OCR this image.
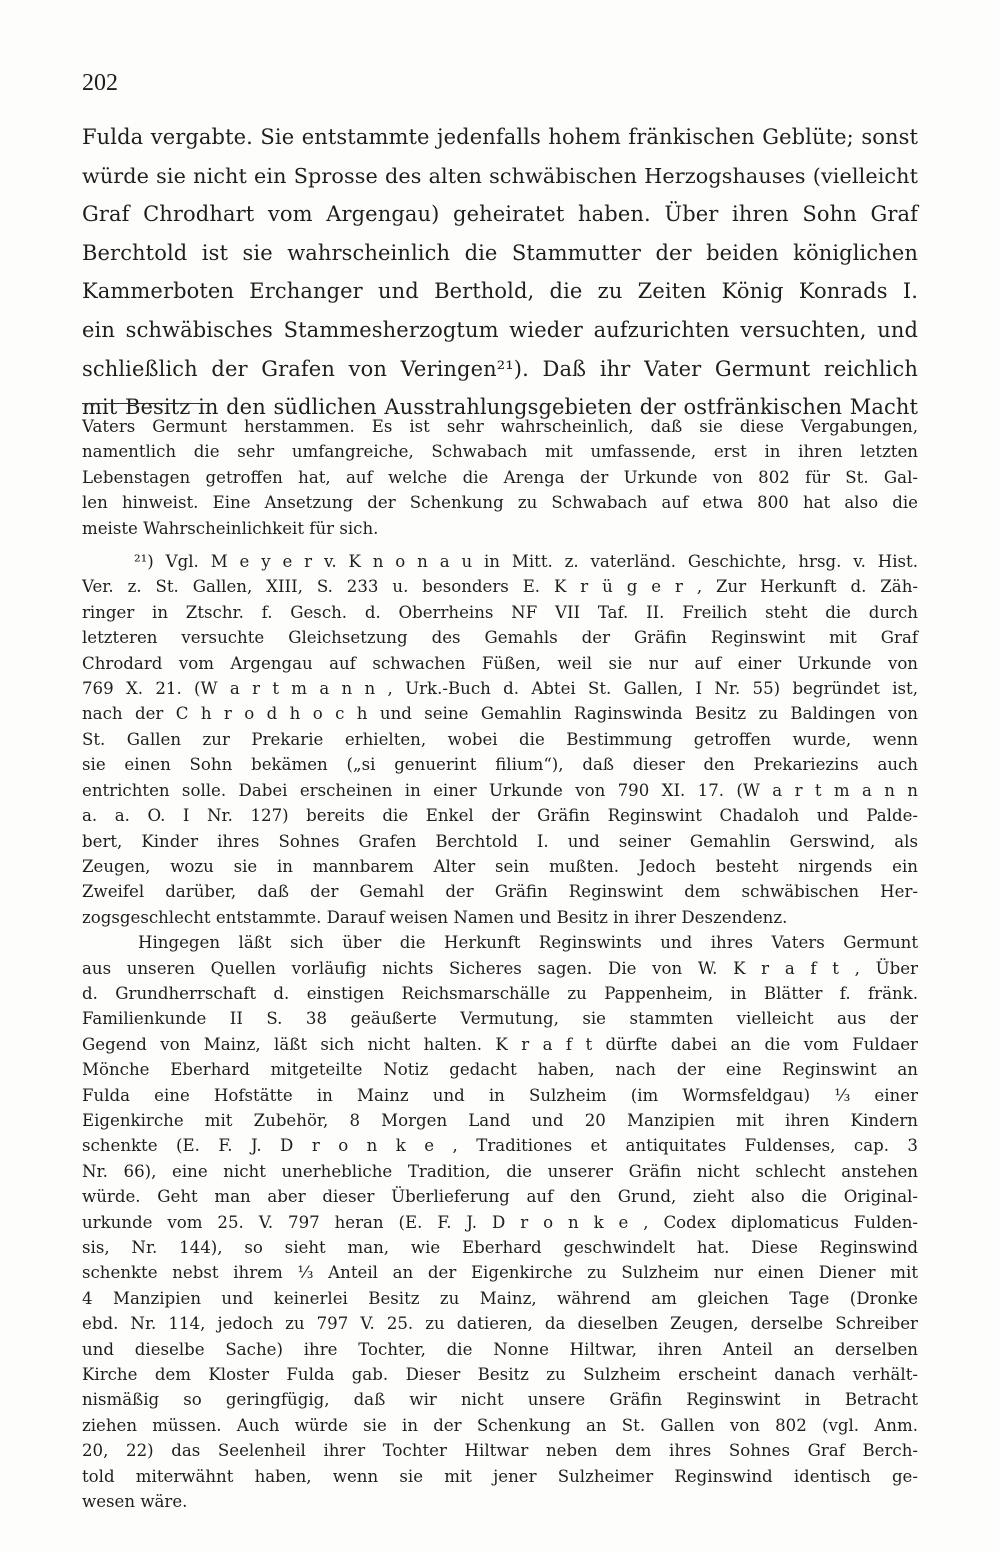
202
Fulda vergabte. Sie entstammte jedenfalls hohem fränkischen Geblüte; sonst
würde sie nicht ein Sprosse des alten schwäbischen Herzogshauses (vielleicht
Graf Chrodhart vom Argengau) geheiratet haben. Über ihren Sohn Graf
Berchtold ist sie wahrscheinlich die Stammutter der beiden königlichen
Kammerboten Erchanger und Berthold, die zu Zeiten König Konrads I.
ein schwäbisches Stammesherzogtum wieder aufzurichten versuchten, und
schließlich der Grafen von Veringen²¹). Daß ihr Vater Germunt reichlich
mit Besitz in den südlichen Ausstrahlungsgebieten der ostfränkischen Macht
Vaters Germunt herstammen. Es ist sehr wahrscheinlich, daß sie diese Vergabungen,
namentlich die sehr umfangreiche, Schwabach mit umfassende, erst in ihren letzten
Lebenstagen getroffen hat, auf welche die Arenga der Urkunde von 802 für St. Gal-
len hinweist. Eine Ansetzung der Schenkung zu Schwabach auf etwa 800 hat also die
meiste Wahrscheinlichkeit für sich.
²¹) Vgl. M e y e r v. K n o n a u in Mitt. z. vaterländ. Geschichte, hrsg. v. Hist.
Ver. z. St. Gallen, XIII, S. 233 u. besonders E. K r ü g e r , Zur Herkunft d. Zäh-
ringer in Ztschr. f. Gesch. d. Oberrheins NF VII Taf. II. Freilich steht die durch
letzteren versuchte Gleichsetzung des Gemahls der Gräfin Reginswint mit Graf
Chrodard vom Argengau auf schwachen Füßen, weil sie nur auf einer Urkunde von
769 X. 21. (W a r t m a n n , Urk.-Buch d. Abtei St. Gallen, I Nr. 55) begründet ist,
nach der C h r o d h o c h und seine Gemahlin Raginswinda Besitz zu Baldingen von
St. Gallen zur Prekarie erhielten, wobei die Bestimmung getroffen wurde, wenn
sie einen Sohn bekämen („si genuerint filium“), daß dieser den Prekariezins auch
entrichten solle. Dabei erscheinen in einer Urkunde von 790 XI. 17. (W a r t m a n n
a. a. O. I Nr. 127) bereits die Enkel der Gräfin Reginswint Chadaloh und Palde-
bert, Kinder ihres Sohnes Grafen Berchtold I. und seiner Gemahlin Gerswind, als
Zeugen, wozu sie in mannbarem Alter sein mußten. Jedoch besteht nirgends ein
Zweifel darüber, daß der Gemahl der Gräfin Reginswint dem schwäbischen Her-
zogsgeschlecht entstammte. Darauf weisen Namen und Besitz in ihrer Deszendenz.
Hingegen läßt sich über die Herkunft Reginswints und ihres Vaters Germunt
aus unseren Quellen vorläufig nichts Sicheres sagen. Die von W. K r a f t , Über
d. Grundherrschaft d. einstigen Reichsmarschälle zu Pappenheim, in Blätter f. fränk.
Familienkunde II S. 38 geäußerte Vermutung, sie stammten vielleicht aus der
Gegend von Mainz, läßt sich nicht halten. K r a f t dürfte dabei an die vom Fuldaer
Mönche Eberhard mitgeteilte Notiz gedacht haben, nach der eine Reginswint an
Fulda eine Hofstätte in Mainz und in Sulzheim (im Wormsfeldgau) ⅓ einer
Eigenkirche mit Zubehör, 8 Morgen Land und 20 Manzipien mit ihren Kindern
schenkte (E. F. J. D r o n k e , Traditiones et antiquitates Fuldenses, cap. 3
Nr. 66), eine nicht unerhebliche Tradition, die unserer Gräfin nicht schlecht anstehen
würde. Geht man aber dieser Überlieferung auf den Grund, zieht also die Original-
urkunde vom 25. V. 797 heran (E. F. J. D r o n k e , Codex diplomaticus Fulden-
sis, Nr. 144), so sieht man, wie Eberhard geschwindelt hat. Diese Reginswind
schenkte nebst ihrem ⅓ Anteil an der Eigenkirche zu Sulzheim nur einen Diener mit
4 Manzipien und keinerlei Besitz zu Mainz, während am gleichen Tage (Dronke
ebd. Nr. 114, jedoch zu 797 V. 25. zu datieren, da dieselben Zeugen, derselbe Schreiber
und dieselbe Sache) ihre Tochter, die Nonne Hiltwar, ihren Anteil an derselben
Kirche dem Kloster Fulda gab. Dieser Besitz zu Sulzheim erscheint danach verhält-
nismäßig so geringfügig, daß wir nicht unsere Gräfin Reginswint in Betracht
ziehen müssen. Auch würde sie in der Schenkung an St. Gallen von 802 (vgl. Anm.
20, 22) das Seelenheil ihrer Tochter Hiltwar neben dem ihres Sohnes Graf Berch-
told miterwähnt haben, wenn sie mit jener Sulzheimer Reginswind identisch ge-
wesen wäre.
